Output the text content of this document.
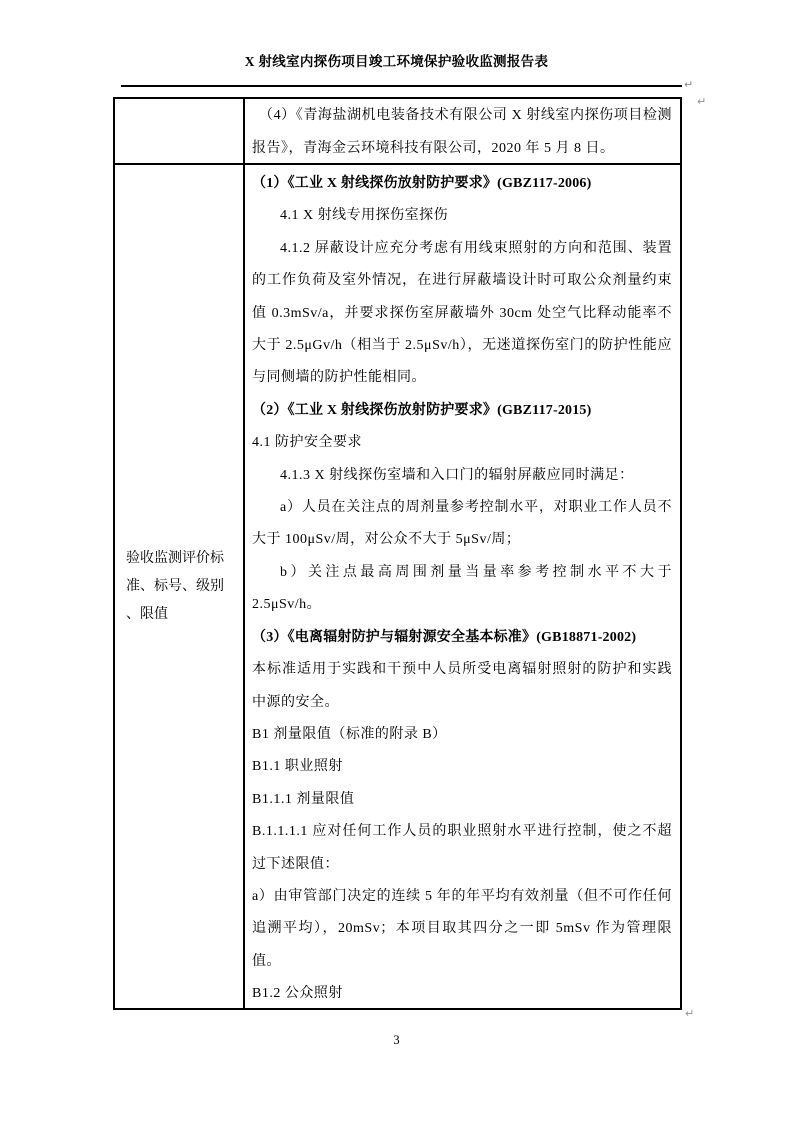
X 射线室内探伤项目竣工环境保护验收监测报告表
↵
↵
↵
（4）《青海盐湖机电装备技术有限公司 X 射线室内探伤项目检测报告》，青海金云环境科技有限公司，2020 年 5 月 8 日。
验收监测评价标准、标号、级别、限值

（1）《工业 X 射线探伤放射防护要求》(GBZ117-2006)

4.1 X 射线专用探伤室探伤

4.1.2 屏蔽设计应充分考虑有用线束照射的方向和范围、装置的工作负荷及室外情况，在进行屏蔽墙设计时可取公众剂量约束值 0.3mSv/a，并要求探伤室屏蔽墙外 30cm 处空气比释动能率不大于 2.5μGv/h（相当于 2.5μSv/h），无迷道探伤室门的防护性能应与同侧墙的防护性能相同。

（2）《工业 X 射线探伤放射防护要求》(GBZ117-2015)

4.1 防护安全要求

4.1.3 X 射线探伤室墙和入口门的辐射屏蔽应同时满足：

a）人员在关注点的周剂量参考控制水平，对职业工作人员不大于 100μSv/周，对公众不大于 5μSv/周；

b）关注点最高周围剂量当量率参考控制水平不大于 2.5μSv/h。

（3）《电离辐射防护与辐射源安全基本标准》(GB18871-2002)

本标准适用于实践和干预中人员所受电离辐射照射的防护和实践中源的安全。

B1 剂量限值（标准的附录 B）

B1.1 职业照射

B1.1.1 剂量限值

B.1.1.1.1 应对任何工作人员的职业照射水平进行控制，使之不超过下述限值：

a）由审管部门决定的连续 5 年的年平均有效剂量（但不可作任何追溯平均），20mSv；本项目取其四分之一即 5mSv 作为管理限值。

B1.2 公众照射

3
